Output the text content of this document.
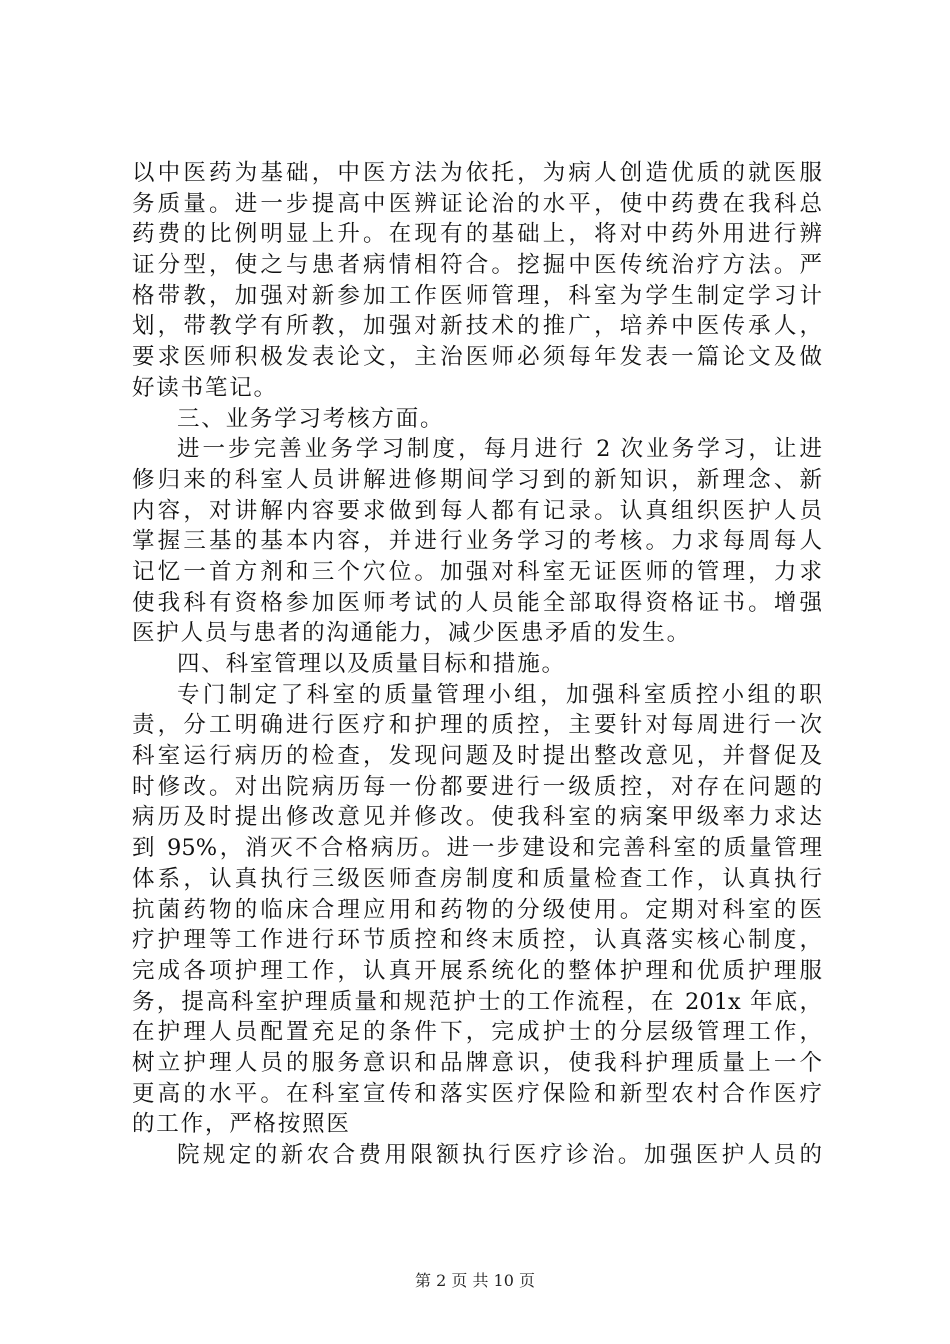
以中医药为基础，中医方法为依托，为病人创造优质的就医服
务质量。进一步提高中医辨证论治的水平，使中药费在我科总
药费的比例明显上升。在现有的基础上，将对中药外用进行辨
证分型，使之与患者病情相符合。挖掘中医传统治疗方法。严
格带教，加强对新参加工作医师管理，科室为学生制定学习计
划，带教学有所教，加强对新技术的推广，培养中医传承人，
要求医师积极发表论文，主治医师必须每年发表一篇论文及做
好读书笔记。
三、业务学习考核方面。
进一步完善业务学习制度，每月进行 2 次业务学习，让进
修归来的科室人员讲解进修期间学习到的新知识，新理念、新
内容，对讲解内容要求做到每人都有记录。认真组织医护人员
掌握三基的基本内容，并进行业务学习的考核。力求每周每人
记忆一首方剂和三个穴位。加强对科室无证医师的管理，力求
使我科有资格参加医师考试的人员能全部取得资格证书。增强
医护人员与患者的沟通能力，减少医患矛盾的发生。
四、科室管理以及质量目标和措施。
专门制定了科室的质量管理小组，加强科室质控小组的职
责，分工明确进行医疗和护理的质控，主要针对每周进行一次
科室运行病历的检查，发现问题及时提出整改意见，并督促及
时修改。对出院病历每一份都要进行一级质控，对存在问题的
病历及时提出修改意见并修改。使我科室的病案甲级率力求达
到 95%，消灭不合格病历。进一步建设和完善科室的质量管理
体系，认真执行三级医师查房制度和质量检查工作，认真执行
抗菌药物的临床合理应用和药物的分级使用。定期对科室的医
疗护理等工作进行环节质控和终末质控，认真落实核心制度，
完成各项护理工作，认真开展系统化的整体护理和优质护理服
务，提高科室护理质量和规范护士的工作流程，在 201x 年底，
在护理人员配置充足的条件下，完成护士的分层级管理工作，
树立护理人员的服务意识和品牌意识，使我科护理质量上一个
更高的水平。在科室宣传和落实医疗保险和新型农村合作医疗
的工作，严格按照医
院规定的新农合费用限额执行医疗诊治。加强医护人员的
第 2 页 共 10 页
